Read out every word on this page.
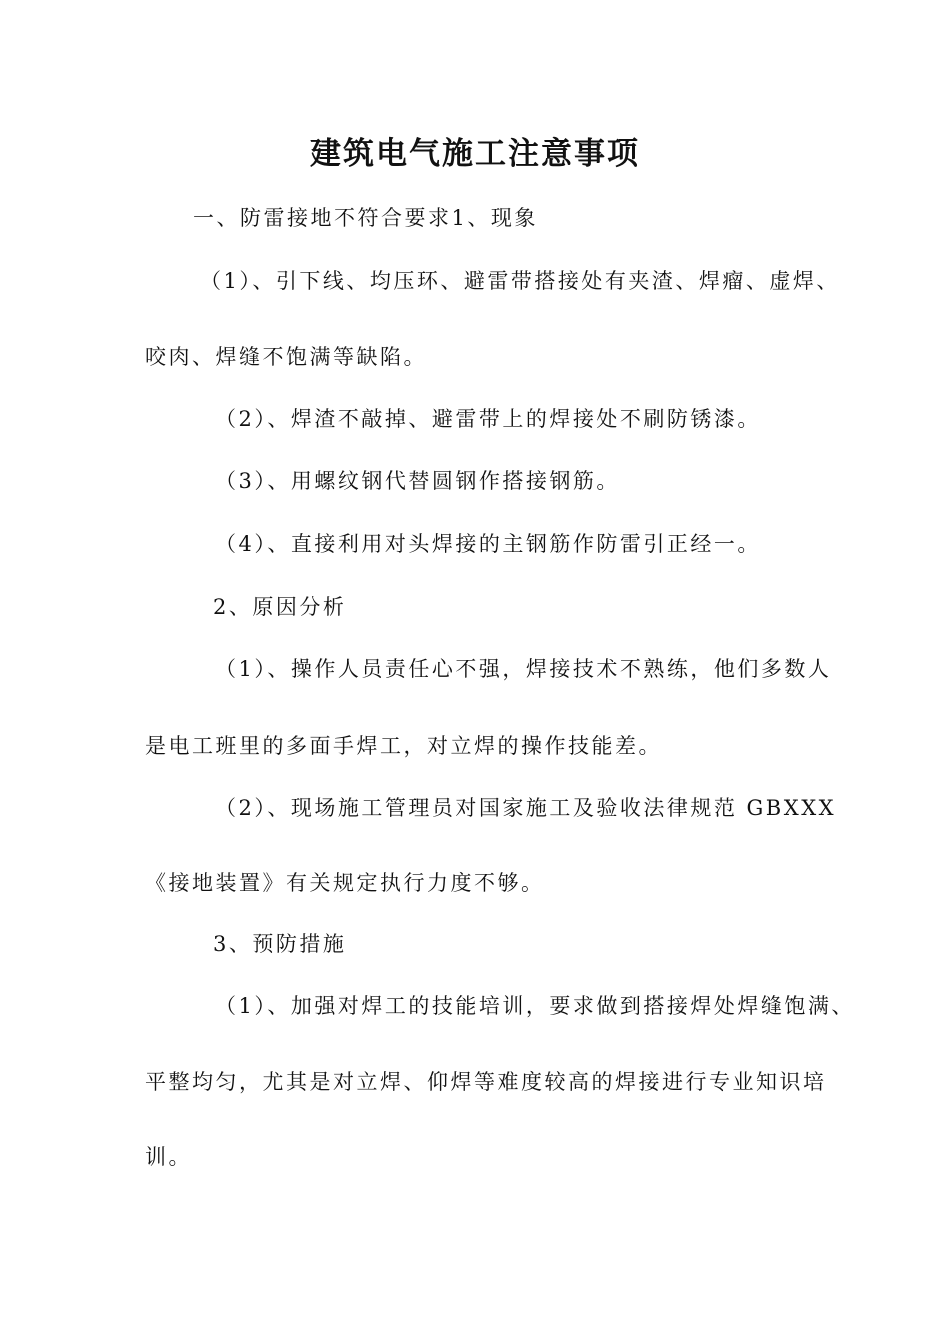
建筑电气施工注意事项

一、防雷接地不符合要求1、现象

（1）、引下线、均压环、避雷带搭接处有夹渣、焊瘤、虚焊、

咬肉、焊缝不饱满等缺陷。

（2）、焊渣不敲掉、避雷带上的焊接处不刷防锈漆。

（3）、用螺纹钢代替圆钢作搭接钢筋。

（4）、直接利用对头焊接的主钢筋作防雷引正经一。

2、原因分析

（1）、操作人员责任心不强，焊接技术不熟练，他们多数人

是电工班里的多面手焊工，对立焊的操作技能差。

（2）、现场施工管理员对国家施工及验收法律规范 GBXXX

《接地装置》有关规定执行力度不够。

3、预防措施

（1）、加强对焊工的技能培训，要求做到搭接焊处焊缝饱满、

平整均匀，尤其是对立焊、仰焊等难度较高的焊接进行专业知识培

训。
